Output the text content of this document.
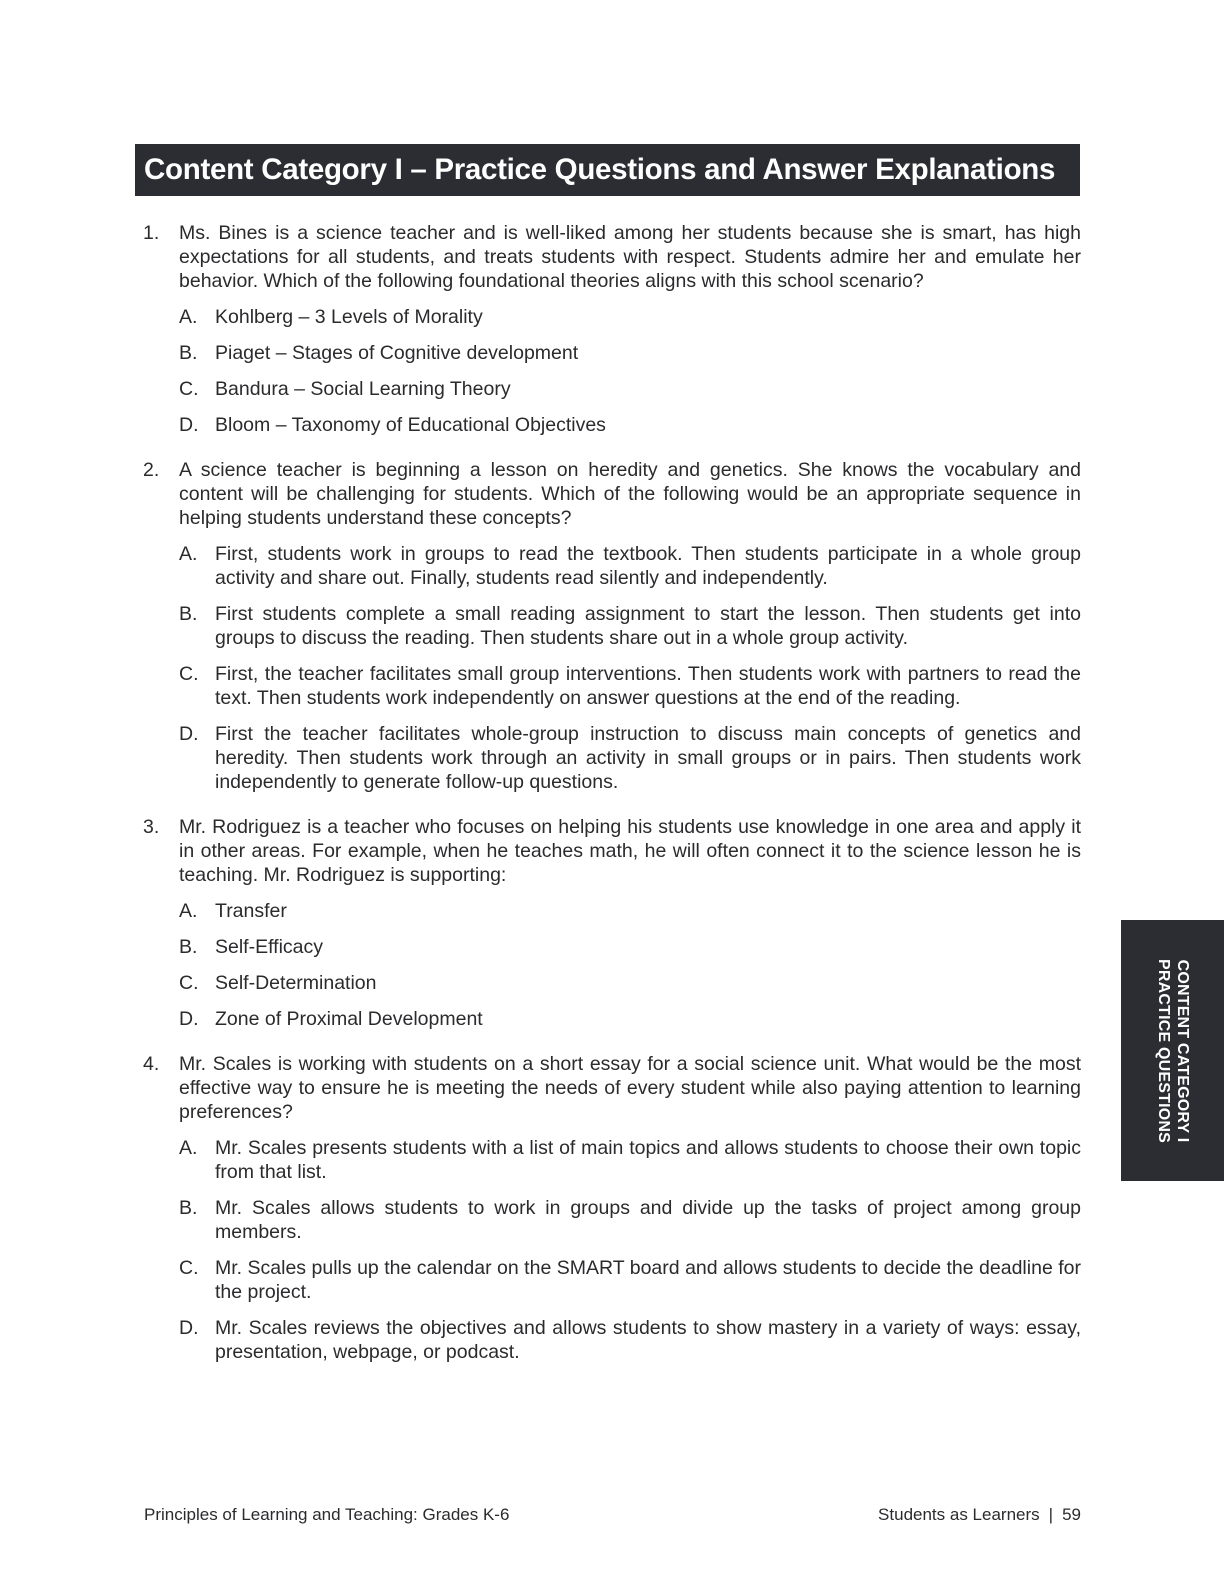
Content Category I – Practice Questions and Answer Explanations
1. Ms. Bines is a science teacher and is well-liked among her students because she is smart, has high expectations for all students, and treats students with respect. Students admire her and emulate her behavior. Which of the following foundational theories aligns with this school scenario?

A. Kohlberg – 3 Levels of Morality
B. Piaget – Stages of Cognitive development
C. Bandura – Social Learning Theory
D. Bloom – Taxonomy of Educational Objectives
2. A science teacher is beginning a lesson on heredity and genetics. She knows the vocabulary and content will be challenging for students. Which of the following would be an appropriate sequence in helping students understand these concepts?

A. First, students work in groups to read the textbook. Then students participate in a whole group activity and share out. Finally, students read silently and independently.
B. First students complete a small reading assignment to start the lesson. Then students get into groups to discuss the reading. Then students share out in a whole group activity.
C. First, the teacher facilitates small group interventions. Then students work with partners to read the text. Then students work independently on answer questions at the end of the reading.
D. First the teacher facilitates whole-group instruction to discuss main concepts of genetics and heredity. Then students work through an activity in small groups or in pairs. Then students work independently to generate follow-up questions.
3. Mr. Rodriguez is a teacher who focuses on helping his students use knowledge in one area and apply it in other areas. For example, when he teaches math, he will often connect it to the science lesson he is teaching. Mr. Rodriguez is supporting:

A. Transfer
B. Self-Efficacy
C. Self-Determination
D. Zone of Proximal Development
4. Mr. Scales is working with students on a short essay for a social science unit. What would be the most effective way to ensure he is meeting the needs of every student while also paying attention to learning preferences?

A. Mr. Scales presents students with a list of main topics and allows students to choose their own topic from that list.
B. Mr. Scales allows students to work in groups and divide up the tasks of project among group members.
C. Mr. Scales pulls up the calendar on the SMART board and allows students to decide the deadline for the project.
D. Mr. Scales reviews the objectives and allows students to show mastery in a variety of ways: essay, presentation, webpage, or podcast.
CONTENT CATEGORY I
PRACTICE QUESTIONS
Principles of Learning and Teaching: Grades K-6	Students as Learners | 59
